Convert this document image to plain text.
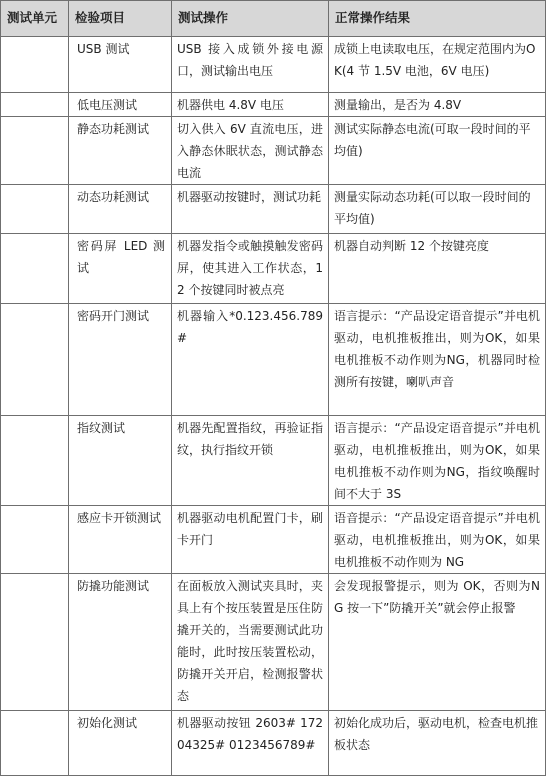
测试单元	检验项目	测试操作	正常操作结果
	USB 测试	USB 接入成锁外接电源口，测试输出电压	成锁上电读取电压，在规定范围内为OK(4 节 1.5V 电池，6V 电压)
	低电压测试	机器供电 4.8V 电压	测量输出，是否为 4.8V
	静态功耗测试	切入供入 6V 直流电压，进入静态休眠状态，测试静态电流	测试实际静态电流(可取一段时间的平均值)
	动态功耗测试	机器驱动按键时，测试功耗	测量实际动态功耗(可以取一段时间的平均值)
	密码屏 LED 测试	机器发指令或触摸触发密码屏，使其进入工作状态，12 个按键同时被点亮	机器自动判断 12 个按键亮度
	密码开门测试	机器输入*0.123.456.789#	语言提示：“产品设定语音提示”并电机驱动，电机推板推出，则为OK，如果电机推板不动作则为NG，机器同时检测所有按键，喇叭声音
	指纹测试	机器先配置指纹，再验证指纹，执行指纹开锁	语言提示：“产品设定语音提示”并电机驱动，电机推板推出，则为OK，如果电机推板不动作则为NG，指纹唤醒时间不大于 3S
	感应卡开锁测试	机器驱动电机配置门卡，刷卡开门	语音提示：“产品设定语音提示”并电机驱动，电机推板推出，则为OK，如果电机推板不动作则为 NG
	防撬功能测试	在面板放入测试夹具时，夹具上有个按压装置是压住防撬开关的，当需要测试此功能时，此时按压装置松动，防撬开关开启，检测报警状态	会发现报警提示，则为 OK，否则为NG 按一下”防撬开关”就会停止报警
	初始化测试	机器驱动按钮 2603# 17204325# 0123456789#	初始化成功后，驱动电机，检查电机推板状态
